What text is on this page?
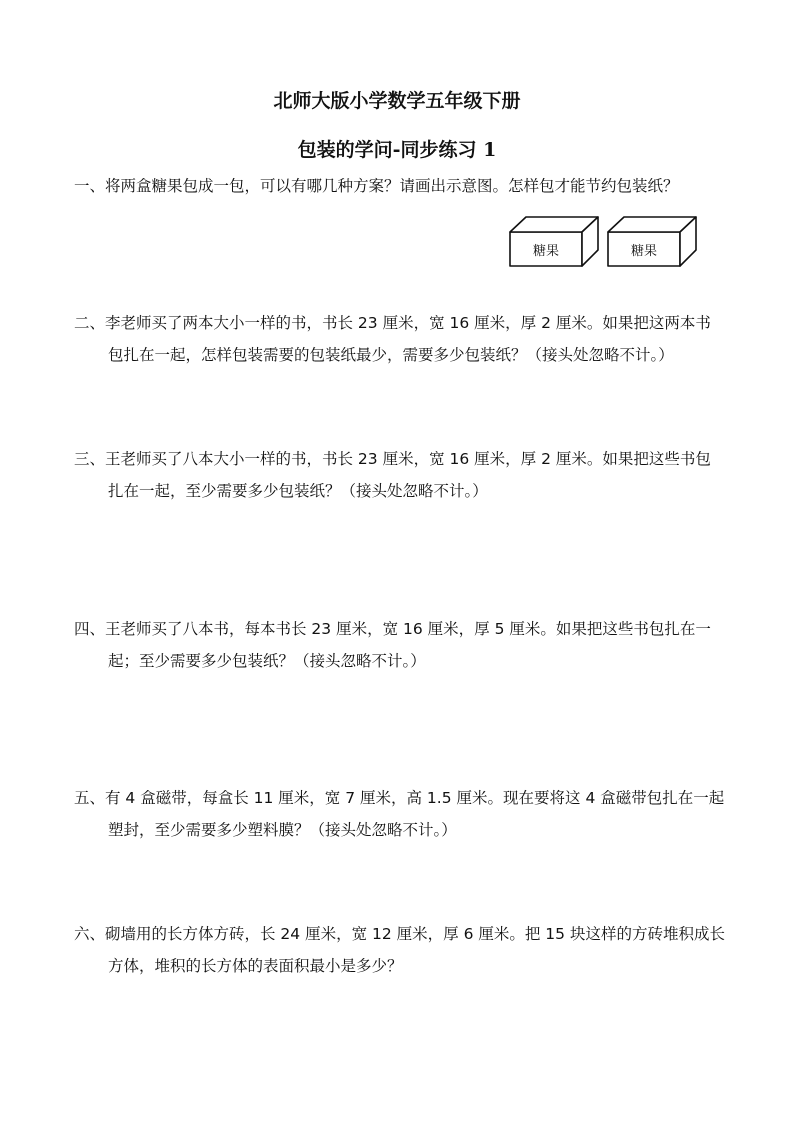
北师大版小学数学五年级下册
包装的学问-同步练习 1
一、将两盒糖果包成一包，可以有哪几种方案？请画出示意图。怎样包才能节约包装纸？
糖果	糖果
二、李老师买了两本大小一样的书，书长 23 厘米，宽 16 厘米，厚 2 厘米。如果把这两本书
包扎在一起，怎样包装需要的包装纸最少，需要多少包装纸？（接头处忽略不计。）
三、王老师买了八本大小一样的书，书长 23 厘米，宽 16 厘米，厚 2 厘米。如果把这些书包
扎在一起，至少需要多少包装纸？（接头处忽略不计。）
四、王老师买了八本书，每本书长 23 厘米，宽 16 厘米，厚 5 厘米。如果把这些书包扎在一
起；至少需要多少包装纸？（接头忽略不计。）
五、有 4 盒磁带，每盒长 11 厘米，宽 7 厘米，高 1.5 厘米。现在要将这 4 盒磁带包扎在一起
塑封，至少需要多少塑料膜？（接头处忽略不计。）
六、砌墙用的长方体方砖，长 24 厘米，宽 12 厘米，厚 6 厘米。把 15 块这样的方砖堆积成长
方体，堆积的长方体的表面积最小是多少？
